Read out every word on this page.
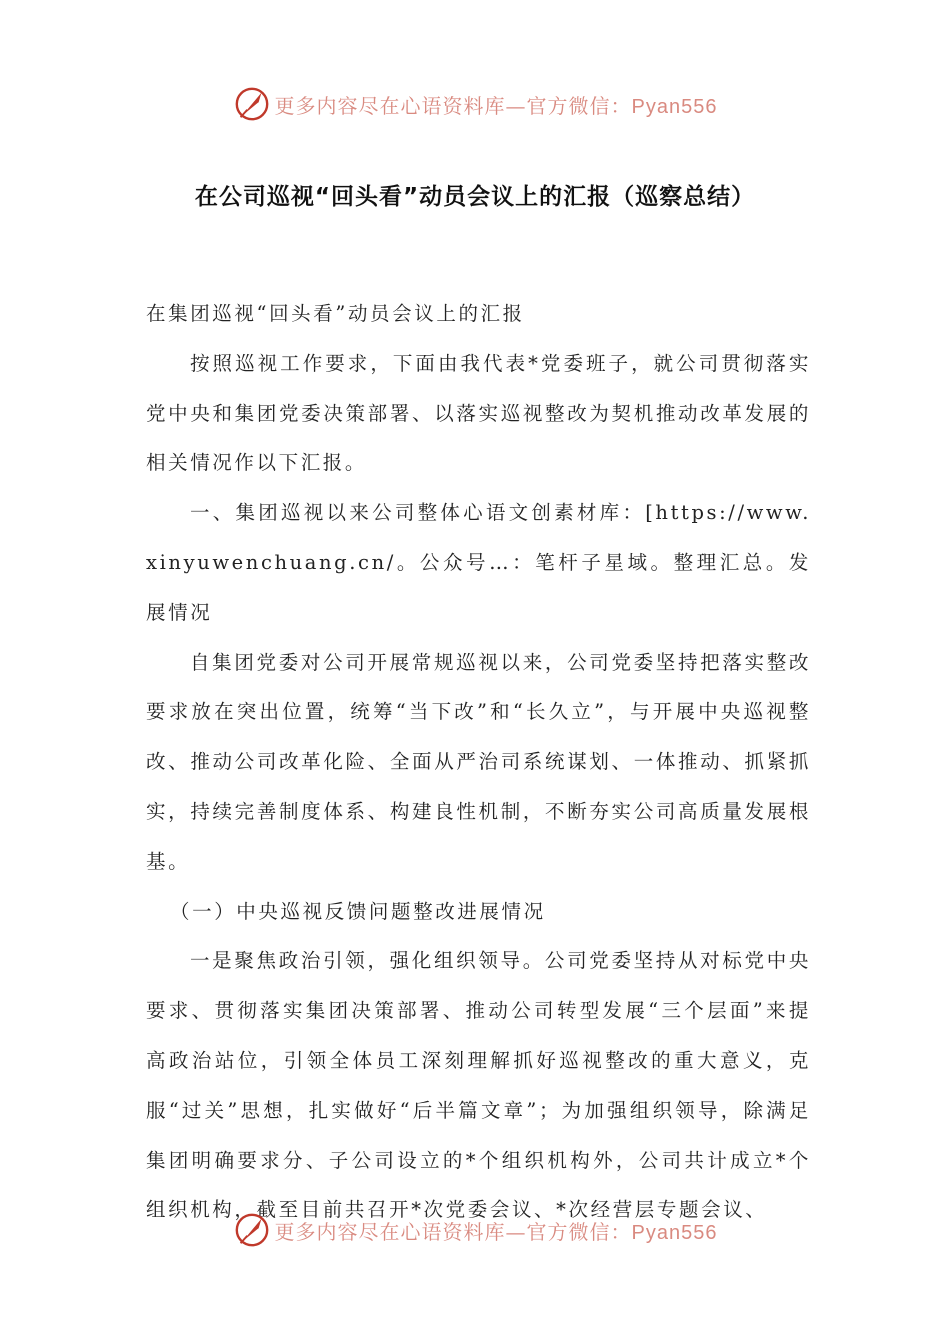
更多内容尽在心语资料库—官方微信：Pyan556
在公司巡视“回头看”动员会议上的汇报（巡察总结）

在集团巡视“回头看”动员会议上的汇报

按照巡视工作要求，下面由我代表*党委班子，就公司贯彻落实党中央和集团党委决策部署、以落实巡视整改为契机推动改革发展的相关情况作以下汇报。

一、集团巡视以来公司整体心语文创素材库：[https://www.xinyuwenchuang.cn/。公众号…：笔杆子星域。整理汇总。发展情况

自集团党委对公司开展常规巡视以来，公司党委坚持把落实整改要求放在突出位置，统筹“当下改”和“长久立”，与开展中央巡视整改、推动公司改革化险、全面从严治司系统谋划、一体推动、抓紧抓实，持续完善制度体系、构建良性机制，不断夯实公司高质量发展根基。

（一）中央巡视反馈问题整改进展情况

一是聚焦政治引领，强化组织领导。公司党委坚持从对标党中央要求、贯彻落实集团决策部署、推动公司转型发展“三个层面”来提高政治站位，引领全体员工深刻理解抓好巡视整改的重大意义，克服“过关”思想，扎实做好“后半篇文章”；为加强组织领导，除满足集团明确要求分、子公司设立的*个组织机构外，公司共计成立*个组织机构，截至目前共召开*次党委会议、*次经营层专题会议、

更多内容尽在心语资料库—官方微信：Pyan556
